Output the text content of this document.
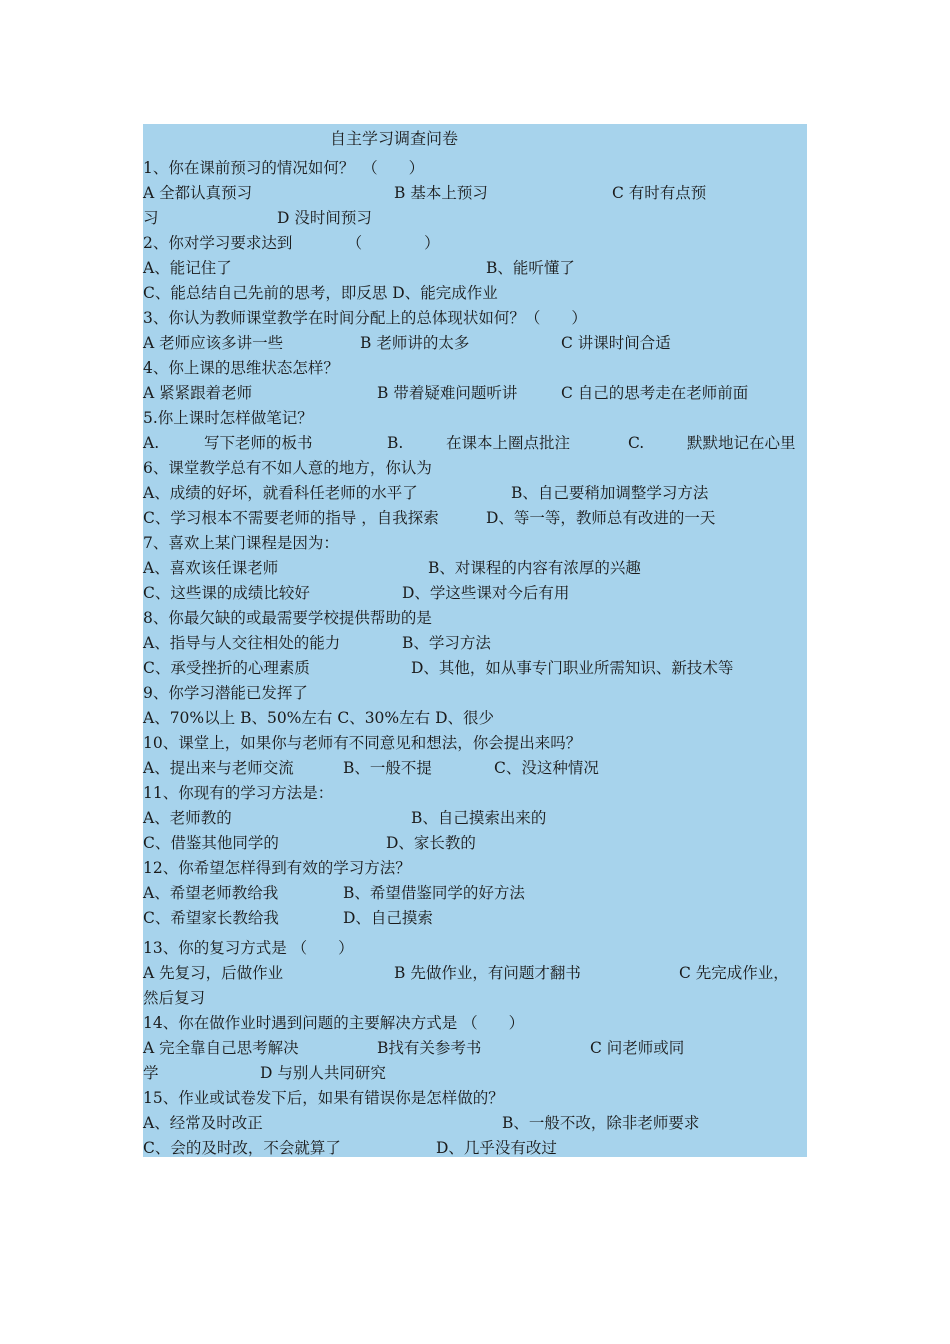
自主学习调查问卷
1、你在课前预习的情况如何？　（　　）
A 全都认真预习	B 基本上预习	C 有时有点预
习	D 没时间预习
2、你对学习要求达到　　　　（　　　　）
A、能记住了	B、能听懂了
C、能总结自己先前的思考，即反思 D、能完成作业
3、你认为教师课堂教学在时间分配上的总体现状如何？（　　）
A 老师应该多讲一些	B 老师讲的太多	C 讲课时间合适
4、你上课的思维状态怎样？
A 紧紧跟着老师	B 带着疑难问题听讲	C 自己的思考走在老师前面
5.你上课时怎样做笔记？
A.	写下老师的板书	B.	在课本上圈点批注	C.	默默地记在心里
6、课堂教学总有不如人意的地方，你认为
A、成绩的好坏，就看科任老师的水平了	B、自己要稍加调整学习方法
C、学习根本不需要老师的指导 ，自我探索	D、等一等，教师总有改进的一天
7、喜欢上某门课程是因为：
A、喜欢该任课老师	B、对课程的内容有浓厚的兴趣
C、这些课的成绩比较好	D、学这些课对今后有用
8、你最欠缺的或最需要学校提供帮助的是
A、指导与人交往相处的能力	B、学习方法
C、承受挫折的心理素质	D、其他，如从事专门职业所需知识、新技术等
9、你学习潜能已发挥了
A、70%以上 B、50%左右 C、30%左右 D、很少
10、课堂上，如果你与老师有不同意见和想法，你会提出来吗？
A、提出来与老师交流	B、一般不提	C、没这种情况
11、你现有的学习方法是：
A、老师教的	B、自己摸索出来的
C、借鉴其他同学的	D、家长教的
12、你希望怎样得到有效的学习方法？
A、希望老师教给我	B、希望借鉴同学的好方法
C、希望家长教给我	D、自己摸索
13、你的复习方式是 （　　）
A 先复习，后做作业	B 先做作业，有问题才翻书	C 先完成作业，
然后复习
14、你在做作业时遇到问题的主要解决方式是 （　　）
A 完全靠自己思考解决	B找有关参考书	C 问老师或同
学	D 与别人共同研究
15、作业或试卷发下后，如果有错误你是怎样做的？
A、经常及时改正	B、一般不改，除非老师要求
C、会的及时改，不会就算了	D、几乎没有改过
